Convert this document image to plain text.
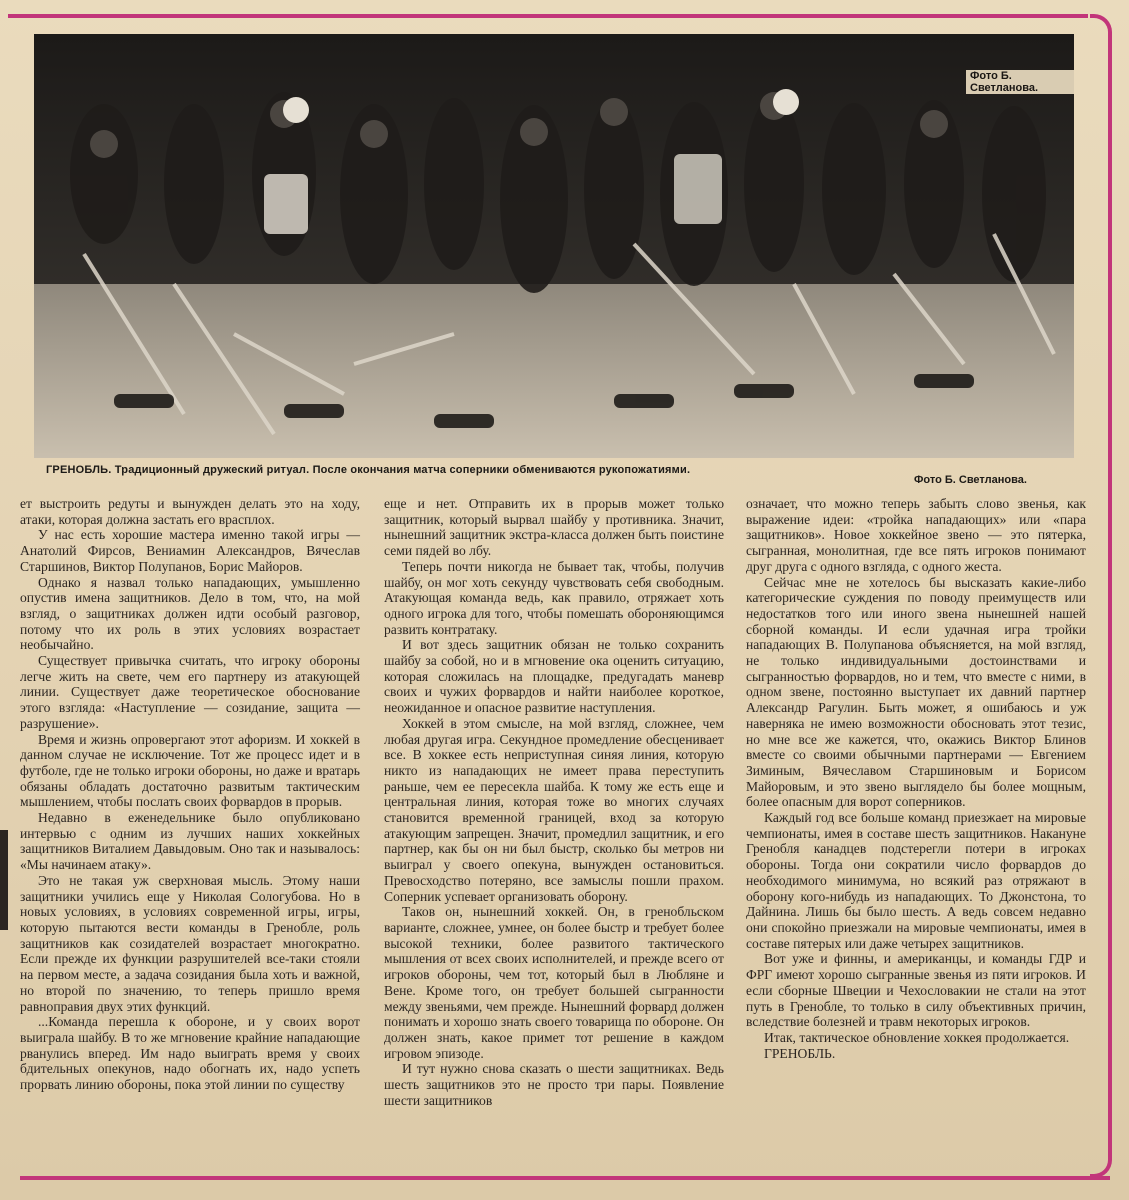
Фото Б. Светланова.
ГРЕНОБЛЬ. Традиционный дружеский ритуал. После окончания матча соперники обмениваются рукопожатиями.
Фото Б. Светланова.

ет выстроить редуты и вынужден делать это на ходу, атаки, которая должна застать его врасплох.

У нас есть хорошие мастера именно такой игры — Анатолий Фирсов, Вениамин Александров, Вячеслав Старшинов, Виктор Полупанов, Борис Майоров.

Однако я назвал только нападающих, умышленно опустив имена защитников. Дело в том, что, на мой взгляд, о защитниках должен идти особый разговор, потому что их роль в этих условиях возрастает необычайно.

Существует привычка считать, что игроку обороны легче жить на свете, чем его партнеру из атакующей линии. Существует даже теоретическое обоснование этого взгляда: «Наступление — созидание, защита — разрушение».

Время и жизнь опровергают этот афоризм. И хоккей в данном случае не исключение. Тот же процесс идет и в футболе, где не только игроки обороны, но даже и вратарь обязаны обладать достаточно развитым тактическим мышлением, чтобы послать своих форвардов в прорыв.

Недавно в еженедельнике было опубликовано интервью с одним из лучших наших хоккейных защитников Виталием Давыдовым. Оно так и называлось: «Мы начинаем атаку».

Это не такая уж сверхновая мысль. Этому наши защитники учились еще у Николая Сологубова. Но в новых условиях, в условиях современной игры, игры, которую пытаются вести команды в Гренобле, роль защитников как созидателей возрастает многократно. Если прежде их функции разрушителей все-таки стояли на первом месте, а задача созидания была хоть и важной, но второй по значению, то теперь пришло время равноправия двух этих функций.

...Команда перешла к обороне, и у своих ворот выиграла шайбу. В то же мгновение крайние нападающие рванулись вперед. Им надо выиграть время у своих бдительных опекунов, надо обогнать их, надо успеть прорвать линию обороны, пока этой линии по существу

еще и нет. Отправить их в прорыв может только защитник, который вырвал шайбу у противника. Значит, нынешний защитник экстра-класса должен быть поистине семи пядей во лбу.

Теперь почти никогда не бывает так, чтобы, получив шайбу, он мог хоть секунду чувствовать себя свободным. Атакующая команда ведь, как правило, отряжает хоть одного игрока для того, чтобы помешать обороняющимся развить контратаку.

И вот здесь защитник обязан не только сохранить шайбу за собой, но и в мгновение ока оценить ситуацию, которая сложилась на площадке, предугадать маневр своих и чужих форвардов и найти наиболее короткое, неожиданное и опасное развитие наступления.

Хоккей в этом смысле, на мой взгляд, сложнее, чем любая другая игра. Секундное промедление обесценивает все. В хоккее есть неприступная синяя линия, которую никто из нападающих не имеет права переступить раньше, чем ее пересекла шайба. К тому же есть еще и центральная линия, которая тоже во многих случаях становится временной границей, вход за которую атакующим запрещен. Значит, промедлил защитник, и его партнер, как бы он ни был быстр, сколько бы метров ни выиграл у своего опекуна, вынужден остановиться. Превосходство потеряно, все замыслы пошли прахом. Соперник успевает организовать оборону.

Таков он, нынешний хоккей. Он, в гренобльском варианте, сложнее, умнее, он более быстр и требует более высокой техники, более развитого тактического мышления от всех своих исполнителей, и прежде всего от игроков обороны, чем тот, который был в Любляне и Вене. Кроме того, он требует большей сыгранности между звеньями, чем прежде. Нынешний форвард должен понимать и хорошо знать своего товарища по обороне. Он должен знать, какое примет тот решение в каждом игровом эпизоде.

И тут нужно снова сказать о шести защитниках. Ведь шесть защитников это не просто три пары. Появление шести защитников

означает, что можно теперь забыть слово звенья, как выражение идеи: «тройка нападающих» или «пара защитников». Новое хоккейное звено — это пятерка, сыгранная, монолитная, где все пять игроков понимают друг друга с одного взгляда, с одного жеста.

Сейчас мне не хотелось бы высказать какие-либо категорические суждения по поводу преимуществ или недостатков того или иного звена нынешней нашей сборной команды. И если удачная игра тройки нападающих В. Полупанова объясняется, на мой взгляд, не только индивидуальными достоинствами и сыгранностью форвардов, но и тем, что вместе с ними, в одном звене, постоянно выступает их давний партнер Александр Рагулин. Быть может, я ошибаюсь и уж наверняка не имею возможности обосновать этот тезис, но мне все же кажется, что, окажись Виктор Блинов вместе со своими обычными партнерами — Евгением Зиминым, Вячеславом Старшиновым и Борисом Майоровым, и это звено выглядело бы более мощным, более опасным для ворот соперников.

Каждый год все больше команд приезжает на мировые чемпионаты, имея в составе шесть защитников. Накануне Гренобля канадцев подстерегли потери в игроках обороны. Тогда они сократили число форвардов до необходимого минимума, но всякий раз отряжают в оборону кого-нибудь из нападающих. То Джонстона, то Дайнина. Лишь бы было шесть. А ведь совсем недавно они спокойно приезжали на мировые чемпионаты, имея в составе пятерых или даже четырех защитников.

Вот уже и финны, и американцы, и команды ГДР и ФРГ имеют хорошо сыгранные звенья из пяти игроков. И если сборные Швеции и Чехословакии не стали на этот путь в Гренобле, то только в силу объективных причин, вследствие болезней и травм некоторых игроков.

Итак, тактическое обновление хоккея продолжается.

ГРЕНОБЛЬ.
